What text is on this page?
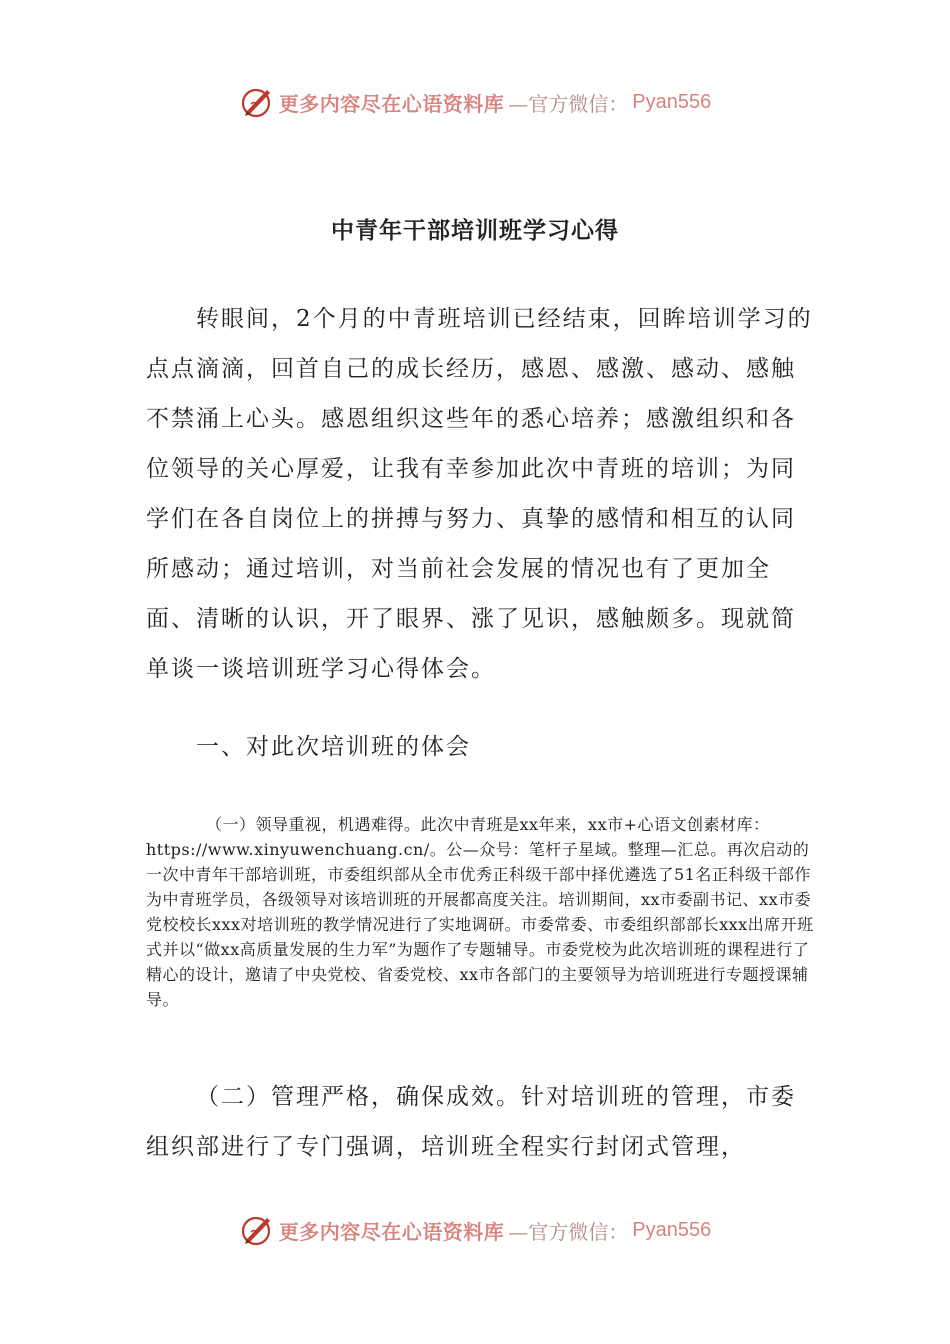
更多内容尽在心语资料库 —官方微信： Pyan556
中青年干部培训班学习心得

转眼间，2个月的中青班培训已经结束，回眸培训学习的点点滴滴，回首自己的成长经历，感恩、感激、感动、感触不禁涌上心头。感恩组织这些年的悉心培养；感激组织和各位领导的关心厚爱，让我有幸参加此次中青班的培训；为同学们在各自岗位上的拼搏与努力、真挚的感情和相互的认同所感动；通过培训，对当前社会发展的情况也有了更加全面、清晰的认识，开了眼界、涨了见识，感触颇多。现就简单谈一谈培训班学习心得体会。

一、对此次培训班的体会

（一）领导重视，机遇难得。此次中青班是xx年来，xx市+心语文创素材库：https://www.xinyuwenchuang.cn/。公—众号：笔杆子星域。整理—汇总。再次启动的一次中青年干部培训班，市委组织部从全市优秀正科级干部中择优遴选了51名正科级干部作为中青班学员，各级领导对该培训班的开展都高度关注。培训期间，xx市委副书记、xx市委党校校长xxx对培训班的教学情况进行了实地调研。市委常委、市委组织部部长xxx出席开班式并以“做xx高质量发展的生力军”为题作了专题辅导。市委党校为此次培训班的课程进行了精心的设计，邀请了中央党校、省委党校、xx市各部门的主要领导为培训班进行专题授课辅导。

（二）管理严格，确保成效。针对培训班的管理，市委组织部进行了专门强调，培训班全程实行封闭式管理，

更多内容尽在心语资料库 —官方微信： Pyan556
